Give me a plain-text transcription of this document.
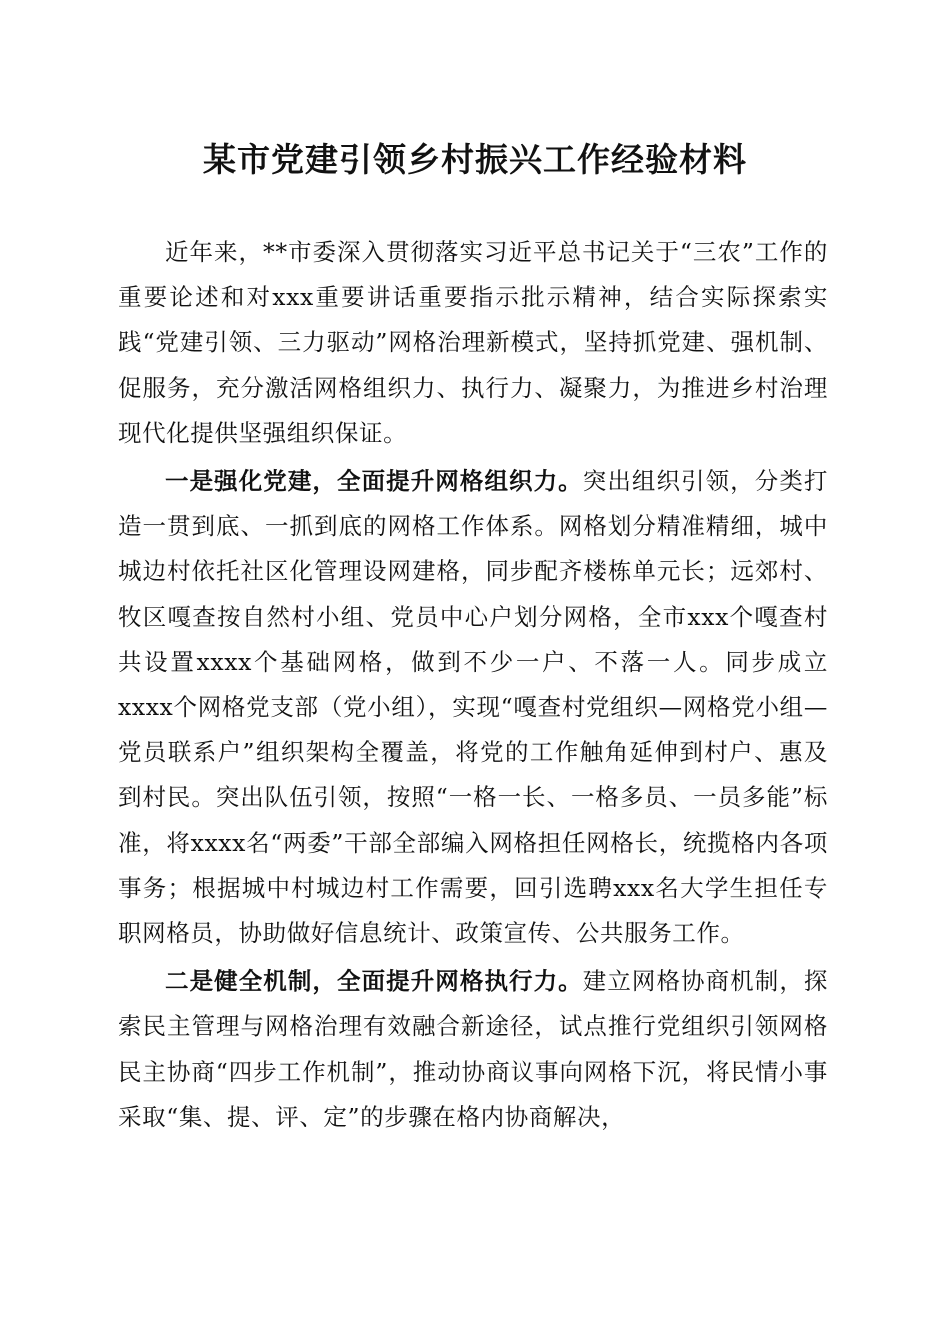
某市党建引领乡村振兴工作经验材料

近年来，**市委深入贯彻落实习近平总书记关于“三农”工作的重要论述和对xxx重要讲话重要指示批示精神，结合实际探索实践“党建引领、三力驱动”网格治理新模式，坚持抓党建、强机制、促服务，充分激活网格组织力、执行力、凝聚力，为推进乡村治理现代化提供坚强组织保证。

一是强化党建，全面提升网格组织力。突出组织引领，分类打造一贯到底、一抓到底的网格工作体系。网格划分精准精细，城中城边村依托社区化管理设网建格，同步配齐楼栋单元长；远郊村、牧区嘎查按自然村小组、党员中心户划分网格，全市xxx个嘎查村共设置xxxx个基础网格，做到不少一户、不落一人。同步成立xxxx个网格党支部（党小组），实现“嘎查村党组织—网格党小组—党员联系户”组织架构全覆盖，将党的工作触角延伸到村户、惠及到村民。突出队伍引领，按照“一格一长、一格多员、一员多能”标准，将xxxx名“两委”干部全部编入网格担任网格长，统揽格内各项事务；根据城中村城边村工作需要，回引选聘xxx名大学生担任专职网格员，协助做好信息统计、政策宣传、公共服务工作。

二是健全机制，全面提升网格执行力。建立网格协商机制，探索民主管理与网格治理有效融合新途径，试点推行党组织引领网格民主协商“四步工作机制”，推动协商议事向网格下沉，将民情小事采取“集、提、评、定”的步骤在格内协商解决，
